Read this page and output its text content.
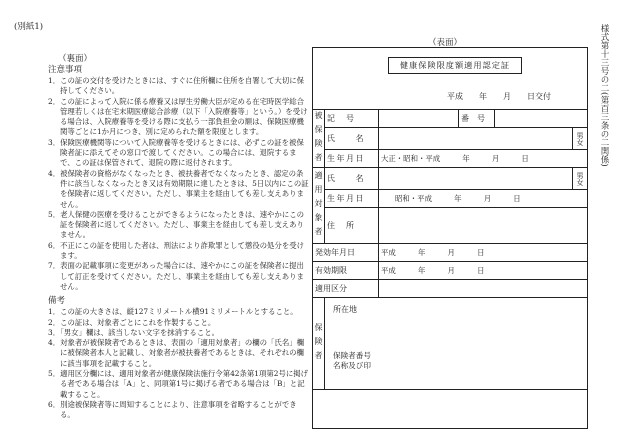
(別紙1)
（裏面）
（表面）	様式第十三号の二(第百三条の二関係)
注意事項
1．この証の交付を受けたときには、すぐに住所欄に住所を自署して大切に保持してください。
2．この証によって入院に係る療養又は厚生労働大臣が定める在宅時医学総合管理若しくは在宅末期医療総合診療（以下「入院療養等」という。）を受ける場合は、入院療養等を受ける際に支払う一部負担金の額は、保険医療機関等ごとに1か月につき、別に定められた額を限度とします。
3．保険医療機関等について入院療養等を受けるときには、必ずこの証を被保険者証に添えてその窓口で渡してください。この場合には、退院するまで、この証は保管されて、退院の際に返付されます。
4．被保険者の資格がなくなったとき、被扶養者でなくなったとき、認定の条件に該当しなくなったとき又は有効期限に達したときは、5日以内にこの証を保険者に返してください。ただし、事業主を経由しても差し支えありません。
5．老人保健の医療を受けることができるようになったときは、速やかにこの証を保険者に返してください。ただし、事業主を経由しても差し支えありません。
6．不正にこの証を使用した者は、刑法により詐欺罪として懲役の処分を受けます。
7．表面の記載事項に変更があった場合には、速やかにこの証を保険者に提出して訂正を受けてください。ただし、事業主を経由しても差し支えありません。
備考
1．この証の大きさは、縦127ミリメートル横91ミリメートルとすること。
2．この証は、対象者ごとにこれを作製すること。
3．「男女」欄は、該当しない文字を抹消すること。
4．対象者が被保険者であるときは、表面の「適用対象者」の欄の「氏名」欄に被保険者本人と記載し、対象者が被扶養者であるときは、それぞれの欄に該当事項を記載すること。
5．適用区分欄には、適用対象者が健康保険法施行令第42条第1項第2号に掲げる者である場合は「A」と、同項第1号に掲げる者である場合は「B」と記載すること。
6．別途被保険者等に周知することにより、注意事項を省略することができる。
健康保険限度額適用認定証
平成　　年　　月　　日交付
被保険者	記　号		番　号		
	氏　　名				男女
	生年月日	大正・昭和・平成　　　年　　　月　　　日			
適用対象者	氏　　名				男女
	生年月日	昭和・平成　　　年　　　月　　　日			
	住　所				
発効年月日		平成　　　年　　　月　　　日			
有効期限		平成　　　年　　　月　　　日			
適用区分					
保険者	所在地
保険者番号
名称及び印				
